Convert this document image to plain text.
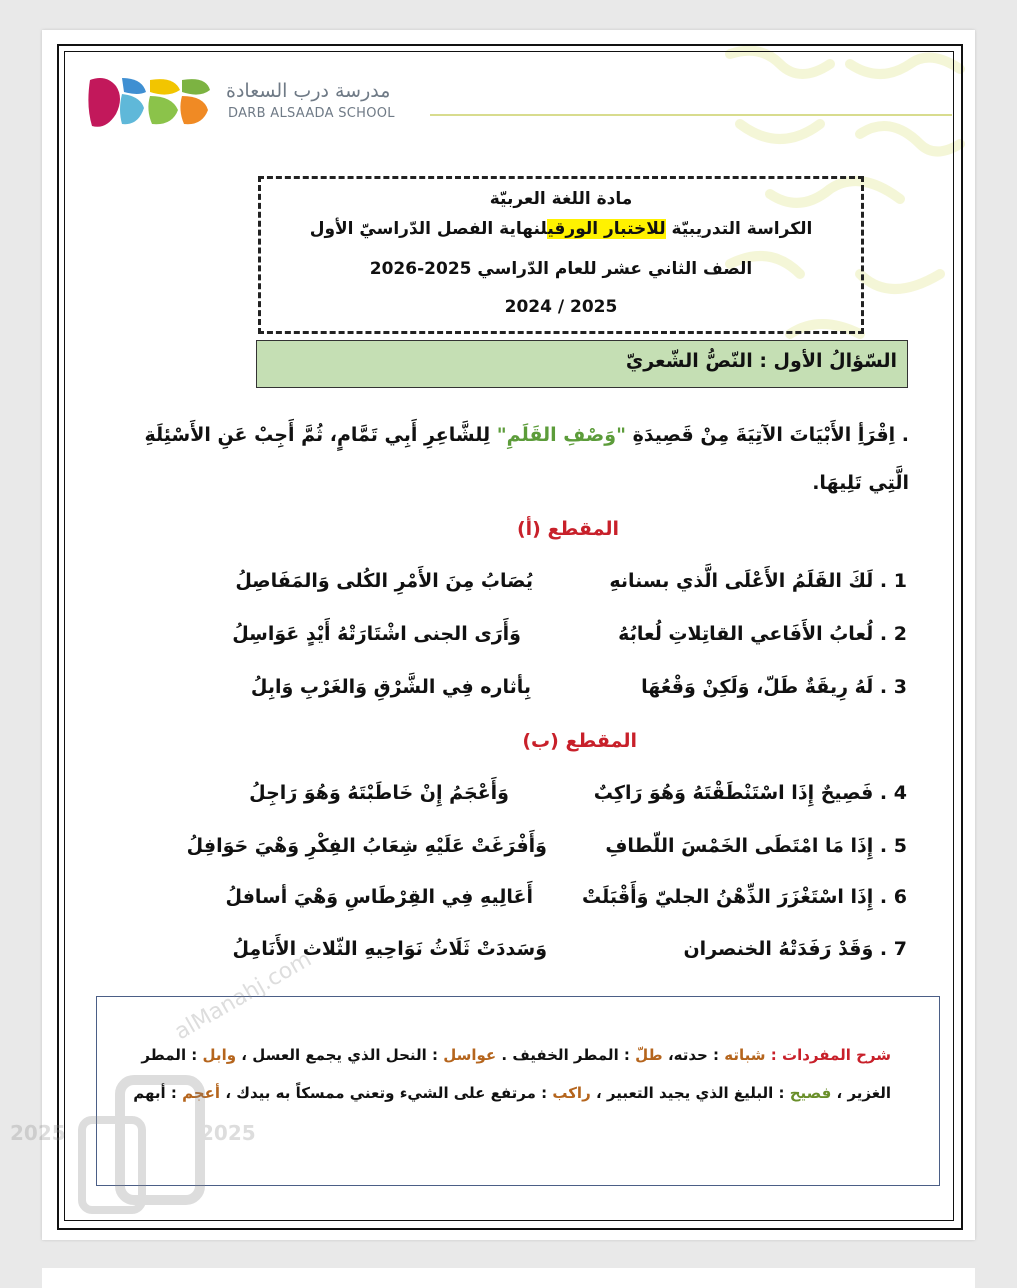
مدرسة درب السعادة
DARB ALSAADA SCHOOL
مادة اللغة العربيّة
الكراسة التدريبيّة للاختبار الورقيلنهاية الفصل الدّراسيّ الأول
الصف الثاني عشر للعام الدّراسي 2025-2026
2025 / 2024
السّؤالُ الأول : النّصُّ الشّعريّ
. اِقْرَأِ الأَبْيَاتَ الآتِيَةَ مِنْ قَصِيدَةِ "وَصْفِ القَلَمِ" لِلشَّاعِرِ أَبِي تَمَّامٍ، ثُمَّ أَجِبْ عَنِ الأَسْئِلَةِ
الَّتِي تَلِيهَا.
المقطع (أ)
1 . لَكَ القَلَمُ الأَعْلَى الَّذي بسنانهِ
يُصَابُ مِنَ الأَمْرِ الكُلى وَالمَفَاصِلُ
2 . لُعابُ الأَفَاعي القاتِلاتِ لُعابُهُ
وَأَرَى الجنى اشْتَارَتْهُ أَيْدٍ عَوَاسِلُ
3 . لَهُ رِيقَةٌ طَلّ، وَلَكِنْ وَقْعُهَا
بِأثاره فِي الشَّرْقِ وَالغَرْبِ وَابِلُ
المقطع (ب)
4 . فَصِيحٌ إِذَا اسْتَنْطَقْتَهُ وَهُوَ رَاكِبٌ
وَأَعْجَمُ إِنْ خَاطَبْتَهُ وَهُوَ رَاجِلُ
5 . إِذَا مَا امْتَطَى الخَمْسَ اللّطافِ
وَأَفْرَغَتْ عَلَيْهِ شِعَابُ الفِكْرِ وَهْيَ حَوَافِلُ
6 . إِذَا اسْتَغْزَرَ الذِّهْنُ الجليّ وَأَقْبَلَتْ
أَعَالِيهِ فِي القِرْطَاسِ وَهْيَ أسافلُ
7 . وَقَدْ رَفَدَتْهُ الخنصران
وَسَددَتْ ثَلَاثُ نَوَاحِيهِ الثّلاث الأَنَامِلُ
شرح المفردات : شباته : حدته، طلّ : المطر الخفيف . عواسل : النحل الذي يجمع العسل ، وابل : المطر
الغزير ، فصيح : البليغ الذي يجيد التعبير ، راكب : مرتفع على الشيء وتعني ممسكاً به بيدك ، أعجم : أبهم
alManahj.com
2025	2025
